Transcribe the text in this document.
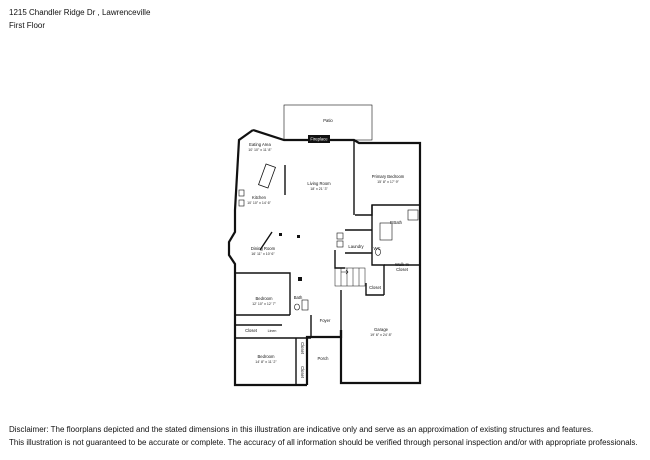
1215 Chandler Ridge Dr , Lawrenceville
First Floor
Patio
Fireplace
Eating Area
10' 10" x 11' 8"
Living Room
18' x 21' 3"
Primary Bedroom
15' 8" x 17' 9"
Kitchen
10' 10" x 14' 6"
P.Bath
Dining Room
16' 11" x 10' 6"
Laundry WC
Walk-In
Closet
Closet
Bedroom
12' 10" x 12' 7"
Bath
Foyer
Garage
19' 6" x 24' 8"
Closet	Linen
Bedroom
14' 8" x 11' 2"
Closet
Closet
Porch
Disclaimer: The floorplans depicted and the stated dimensions in this illustration are indicative only and serve as an approximation of existing structures and features.
This illustration is not guaranteed to be accurate or complete. The accuracy of all information should be verified through personal inspection and/or with appropriate professionals.
